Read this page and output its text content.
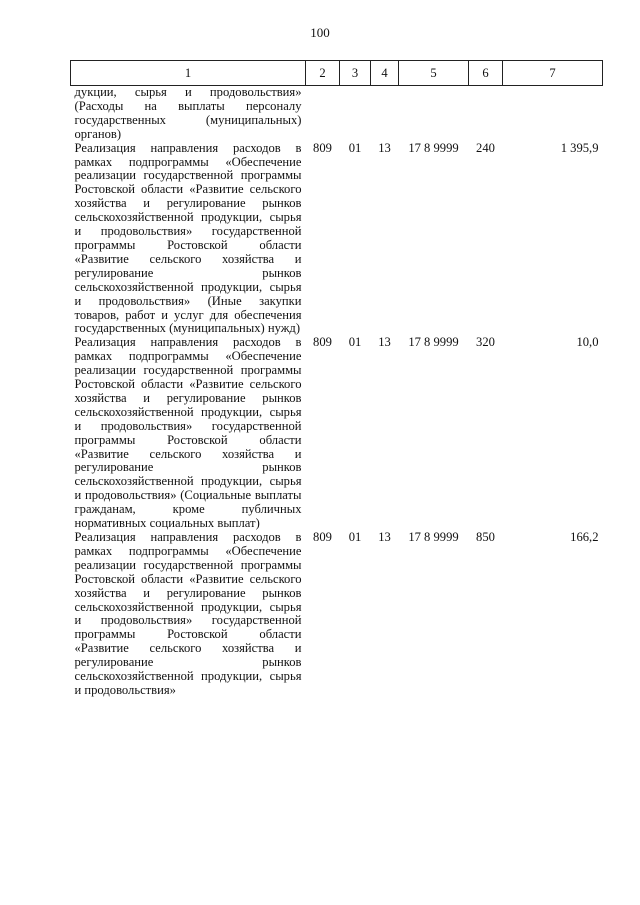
100
1	2	3	4	5	6	7
дукции, сырья и продовольствия» (Расходы на выплаты персоналу государственных (муниципальных) органов)						
Реализация направления расходов в рамках подпрограммы «Обеспечение реализации государственной программы Ростовской области «Развитие сельского хозяйства и регулирование рынков сельскохозяйственной продукции, сырья и продовольствия» государственной программы Ростовской области «Развитие сельского хозяйства и регулирование рынков сельскохозяйственной продукции, сырья и продовольствия» (Иные закупки товаров, работ и услуг для обеспечения государственных (муниципальных) нужд)	809	01	13	17 8 9999	240	1 395,9
Реализация направления расходов в рамках подпрограммы «Обеспечение реализации государственной программы Ростовской области «Развитие сельского хозяйства и регулирование рынков сельскохозяйственной продукции, сырья и продовольствия» государственной программы Ростовской области «Развитие сельского хозяйства и регулирование рынков сельскохозяйственной продукции, сырья и продовольствия» (Социальные выплаты гражданам, кроме публичных нормативных социальных выплат)	809	01	13	17 8 9999	320	10,0
Реализация направления расходов в рамках подпрограммы «Обеспечение реализации государственной программы Ростовской области «Развитие сельского хозяйства и регулирование рынков сельскохозяйственной продукции, сырья и продовольствия» государственной программы Ростовской области «Развитие сельского хозяйства и регулирование рынков сельскохозяйственной продукции, сырья и продовольствия»	809	01	13	17 8 9999	850	166,2
